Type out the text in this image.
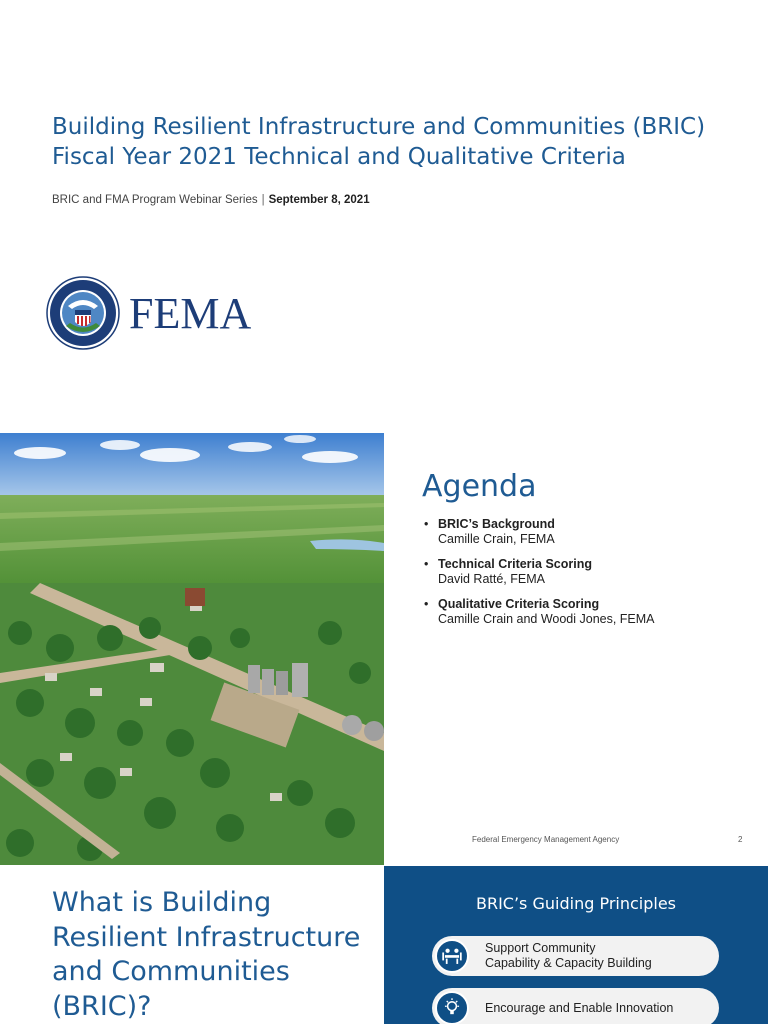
Building Resilient Infrastructure and Communities (BRIC)
Fiscal Year 2021 Technical and Qualitative Criteria
BRIC and FMA Program Webinar Series | September 8, 2021
FEMA
Agenda
• BRIC’s Background
Camille Crain, FEMA
• Technical Criteria Scoring
David Ratté, FEMA
• Qualitative Criteria Scoring
Camille Crain and Woodi Jones, FEMA
Federal Emergency Management Agency	2
What is Building Resilient Infrastructure and Communities (BRIC)?
BRIC’s Guiding Principles
Support Community
Capability & Capacity Building
Encourage and Enable Innovation
